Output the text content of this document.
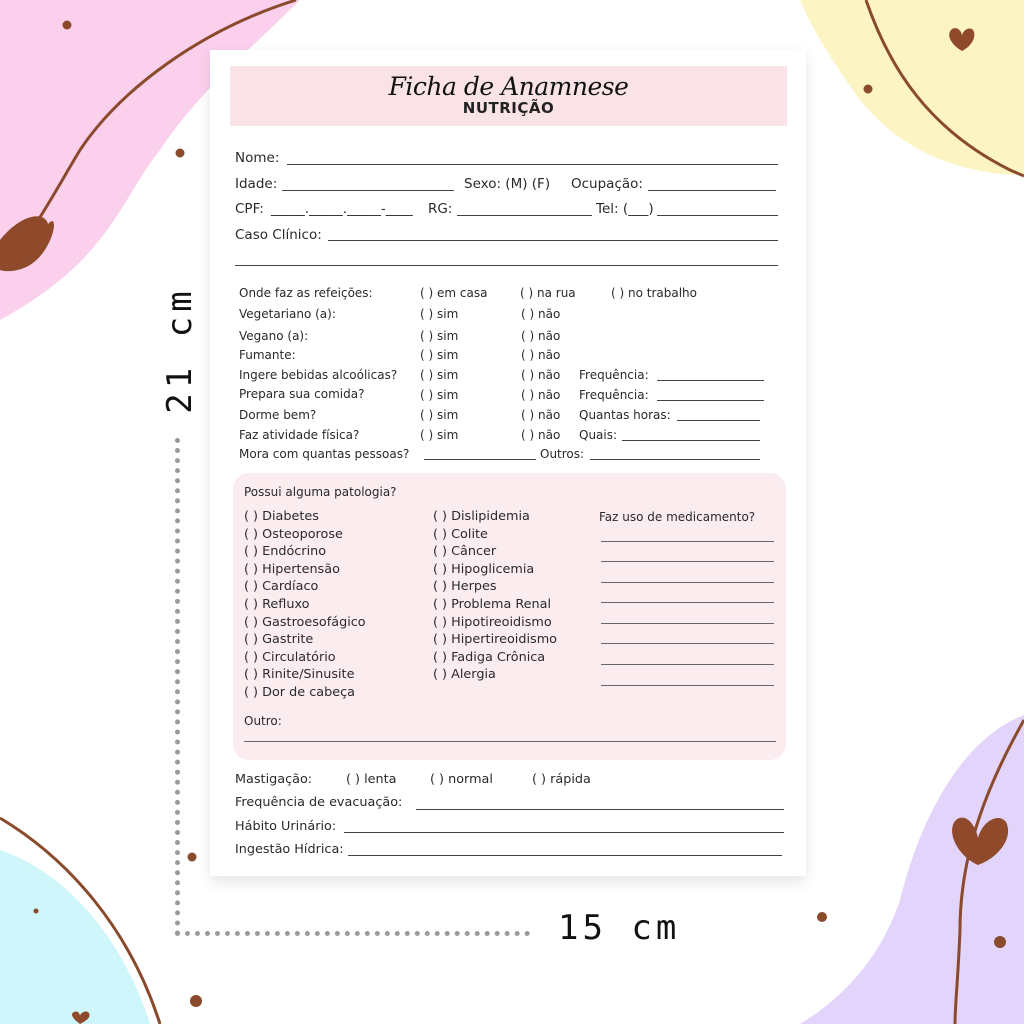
21 cm
15 cm
Ficha de Anamnese
NUTRIÇÃO
Nome:
Idade:	Sexo: (M) (F) Ocupação:
CPF: _____._____._____-____ RG:	Tel: (___)
Caso Clínico:
Onde faz as refeições:	( ) em casa	( ) na rua	( ) no trabalho
Vegetariano (a):	( ) sim	( ) não
Vegano (a):	( ) sim	( ) não
Fumante:	( ) sim	( ) não
Ingere bebidas alcoólicas? ( ) sim	( ) não Frequência:
Prepara sua comida?	( ) sim	( ) não Frequência:
Dorme bem?	( ) sim	( ) não Quantas horas:
Faz atividade física?	( ) sim	( ) não Quais:
Mora com quantas pessoas?	Outros:
Possui alguma patologia?
( ) Diabetes
( ) Osteoporose
( ) Endócrino
( ) Hipertensão
( ) Cardíaco
( ) Refluxo
( ) Gastroesofágico
( ) Gastrite
( ) Circulatório
( ) Rinite/Sinusite
( ) Dor de cabeça
( ) Dislipidemia
( ) Colite
( ) Câncer
( ) Hipoglicemia
( ) Herpes
( ) Problema Renal
( ) Hipotireoidismo
( ) Hipertireoidismo
( ) Fadiga Crônica
( ) Alergia
Faz uso de medicamento?
Outro:
Mastigação:	( ) lenta	( ) normal	( ) rápida
Frequência de evacuação:
Hábito Urinário:
Ingestão Hídrica:
